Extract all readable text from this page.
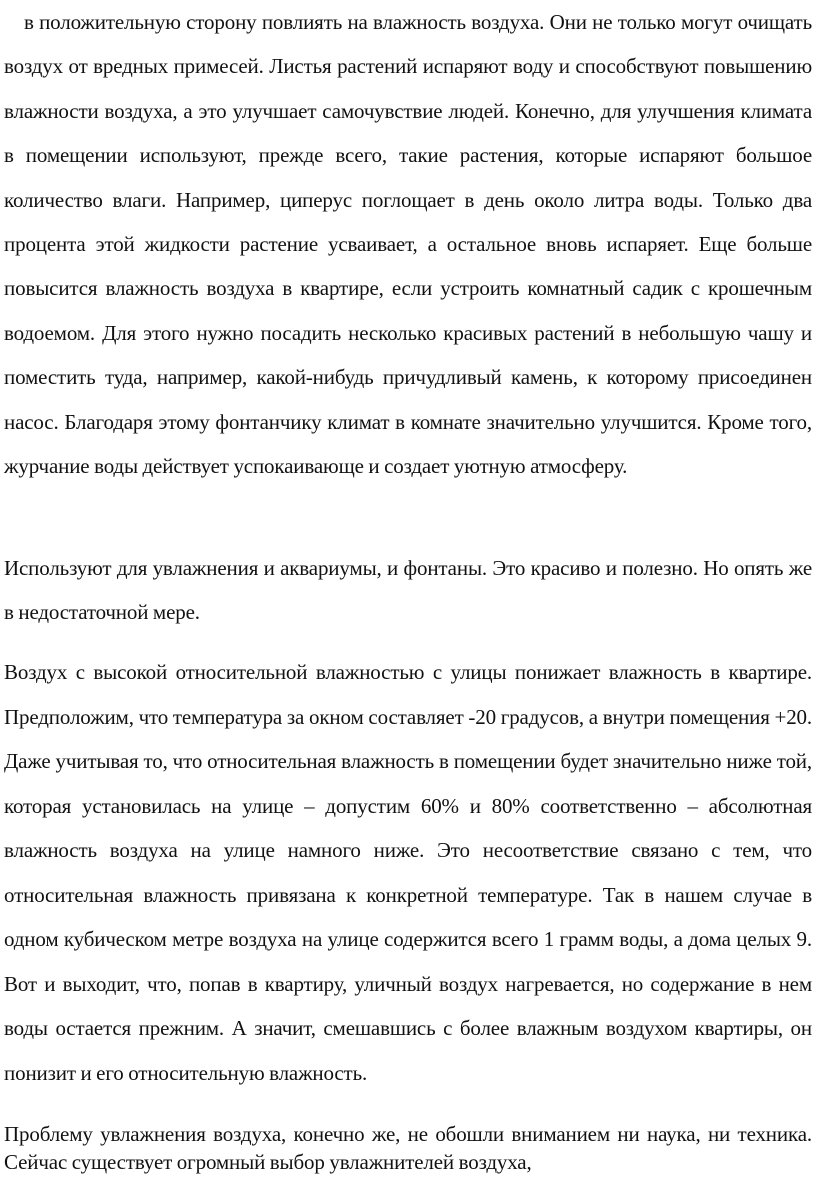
в положительную сторону повлиять на влажность воздуха. Они не только могут очищать воздух от вредных примесей. Листья растений испаряют воду и способствуют повышению влажности воздуха, а это улучшает самочувствие людей. Конечно, для улучшения климата в помещении используют, прежде всего, такие растения, которые испаряют большое количество влаги. Например, циперус поглощает в день около литра воды. Только два процента этой жидкости растение усваивает, а остальное вновь испаряет. Еще больше повысится влажность воздуха в квартире, если устроить комнатный садик с крошечным водоемом. Для этого нужно посадить несколько красивых растений в небольшую чашу и поместить туда, например, какой-нибудь причудливый камень, к которому присоединен насос. Благодаря этому фонтанчику климат в комнате значительно улучшится. Кроме того, журчание воды действует успокаивающе и создает уютную атмосферу.

Используют для увлажнения и аквариумы, и фонтаны. Это красиво и полезно. Но опять же в недостаточной мере.

Воздух с высокой относительной влажностью с улицы понижает влажность в квартире. Предположим, что температура за окном составляет -20 градусов, а внутри помещения +20. Даже учитывая то, что относительная влажность в помещении будет значительно ниже той, которая установилась на улице – допустим 60% и 80% соответственно – абсолютная влажность воздуха на улице намного ниже. Это несоответствие связано с тем, что относительная влажность привязана к конкретной температуре. Так в нашем случае в одном кубическом метре воздуха на улице содержится всего 1 грамм воды, а дома целых 9. Вот и выходит, что, попав в квартиру, уличный воздух нагревается, но содержание в нем воды остается прежним. А значит, смешавшись с более влажным воздухом квартиры, он понизит и его относительную влажность.

Проблему увлажнения воздуха, конечно же, не обошли вниманием ни наука, ни техника. Сейчас существует огромный выбор увлажнителей воздуха,
